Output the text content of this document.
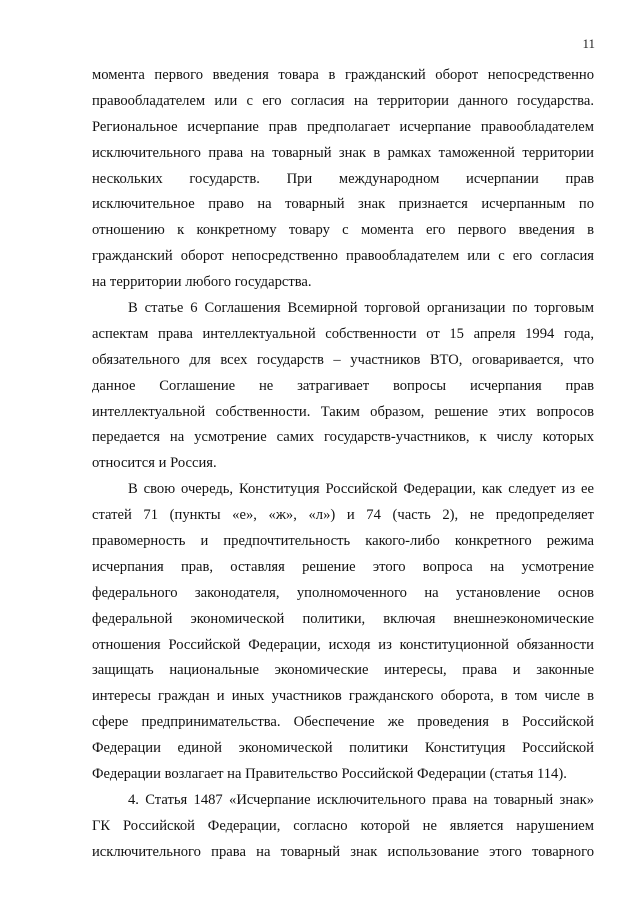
11
момента первого введения товара в гражданский оборот непосредственно
правообладателем или с его согласия на территории данного государства.
Региональное исчерпание прав предполагает исчерпание правообладателем
исключительного права на товарный знак в рамках таможенной территории
нескольких государств. При международном исчерпании прав
исключительное право на товарный знак признается исчерпанным по
отношению к конкретному товару с момента его первого введения в
гражданский оборот непосредственно правообладателем или с его согласия
на территории любого государства.
В статье 6 Соглашения Всемирной торговой организации по торговым
аспектам права интеллектуальной собственности от 15 апреля 1994 года,
обязательного для всех государств – участников ВТО, оговаривается, что
данное Соглашение не затрагивает вопросы исчерпания прав
интеллектуальной собственности. Таким образом, решение этих вопросов
передается на усмотрение самих государств-участников, к числу которых
относится и Россия.
В свою очередь, Конституция Российской Федерации, как следует из ее
статей 71 (пункты «е», «ж», «л») и 74 (часть 2), не предопределяет
правомерность и предпочтительность какого-либо конкретного режима
исчерпания прав, оставляя решение этого вопроса на усмотрение
федерального законодателя, уполномоченного на установление основ
федеральной экономической политики, включая внешнеэкономические
отношения Российской Федерации, исходя из конституционной обязанности
защищать национальные экономические интересы, права и законные
интересы граждан и иных участников гражданского оборота, в том числе в
сфере предпринимательства. Обеспечение же проведения в Российской
Федерации единой экономической политики Конституция Российской
Федерации возлагает на Правительство Российской Федерации (статья 114).
4. Статья 1487 «Исчерпание исключительного права на товарный знак»
ГК Российской Федерации, согласно которой не является нарушением
исключительного права на товарный знак использование этого товарного
